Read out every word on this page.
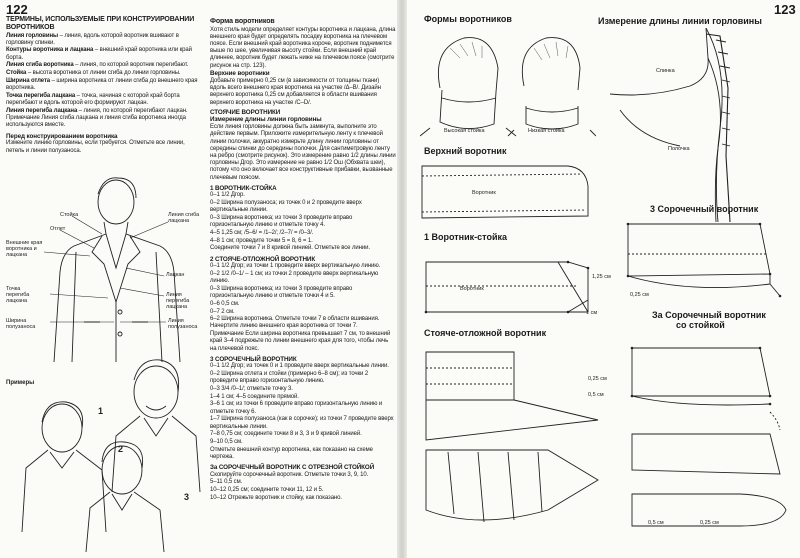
122

ТЕРМИНЫ, ИСПОЛЬЗУЕМЫЕ ПРИ КОНСТРУИРОВАНИИ ВОРОТНИКОВ

Линия горловины – линия, вдоль которой воротник вшивают в горловину спинки.

Контуры воротника и лацкана – внешний край воротника или край борта.

Линия сгиба воротника – линия, по которой воротник перегибают.

Стойка – высота воротника от линии сгиба до линии горловины.

Ширина отлета – ширина воротника от линии сгиба до внешнего края воротника.

Точка перегиба лацкана – точка, начиная с которой край борта перегибают и вдоль которой его формируют лацкан.

Линия перегиба лацкана – линия, по которой перегибают лацкан.

Примечание Линия сгиба лацкана и линия сгиба воротника иногда используются вместе.

Перед конструированием воротника

Измените линию горловины, если требуется. Отметьте все линии, петель и линии полузаноса.

Стойка	Линия сгиба лацкана
Отлет
Внешние края воротника и лацкана
Лацкан
Точка перегиба лацкана
Линия перегиба лацкана
Ширина полузаноса
Линия полузаноса
Примеры
1
2
3

Форма воротников

Хотя стиль модели определяет контуры воротника и лацкана, длина внешнего края будет определять посадку воротника на плечевом поясе. Если внешний край воротника короче, воротник поднимется выше по шее, увеличивая высоту стойки. Если внешний край длиннее, воротник будет лежать ниже на плечевом поясе (смотрите рисунок на стр. 123).

Верхние воротники

Добавьте примерно 0,25 см (в зависимости от толщины ткани) вдоль всего внешнего края воротника на участке /Δ–В/. Дизайн верхнего воротника 0,25 см добавляется в области вшивания верхнего воротника на участке /С–D/.

СТОЯЧИЕ ВОРОТНИКИ

Измерение длины линии горловины

Если линия горловины должна быть замкнута, выполните это действие первым. Приложите измерительную ленту к плечевой линии полочки, аккуратно измерьте длину линии горловины от середины спинки до середины полочки. Для сантиметровую ленту на ребро (смотрите рисунок). Это измерение равно 1/2 длины линии горловины Дгор. Это измерение не равно 1/2 Ош (Обхвата шеи), потому что оно включает все конструктивные прибавки, вызванные плечевым поясом.

1 ВОРОТНИК-СТОЙКА

0–1 1/2 Дгор.

0–2 Ширина полузаноса; из точек 0 и 2 проведите вверх вертикальные линии.

0–3 Ширина воротника; из точки 3 проведите вправо горизонтальную линию и отметьте точку 4.

4–5 1,25 см; /5–6/ = /1–2/; /2–7/ = /0–3/.

4–8 1 см; проведите точки 5 = 8, 6 = 1.

Соедините точки 7 и 8 кривой линией. Отметьте все линии.

2 СТОЯЧЕ-ОТЛОЖНОЙ ВОРОТНИК

0–1 1/2 Дгор; из точки 1 проведите вверх вертикальную линию.

0–2 1/2 /0–1/ – 1 см; из точки 2 проведите вверх вертикальную линию.

0–3 Ширина воротника; из точки 3 проведите вправо горизонтальную линию и отметьте точки 4 и 5.

0–6 0,5 см.

0–7 2 см.

6–2 Ширина воротника. Отметьте точки 7 в области вшивания. Начертите линию внешнего края воротника от точки 7.

Примечание Если ширина воротника превышает 7 см, то внешний край 3–4 подрежьте по линии внешнего края для того, чтобы лечь на плечевой пояс.

3 СОРОЧЕЧНЫЙ ВОРОТНИК

0–1 1/2 Дгор; из точек 0 и 1 проведите вверх вертикальные линии.

0–2 Ширина отлета и стойки (примерно 6–8 см); из точки 2 проведите вправо горизонтальную линию.

0–3 3/4 /0–1/; отметьте точку 3.

1–4 1 см; 4–5 соедините прямой.

3–6 1 см; из точки 6 проведите вправо горизонтальную линию и отметьте точку 6.

1–7 Ширина полузаноса (как в сорочке); из точки 7 проведите вверх вертикальные линии.

7–8 0,75 см; соедините точки 8 и 3, 3 и 9 кривой линией.

9–10 0,5 см.

Отметьте внешний контур воротника, как показано на схеме чертежа.

За СОРОЧЕЧНЫЙ ВОРОТНИК С ОТРЕЗНОЙ СТОЙКОЙ

Скопируйте сорочечный воротник. Отметьте точки 3, 9, 10.

5–11 0,5 см.

10–12 0,25 см; соедините точки 11, 12 и 5.

10–12 Отрежьте воротник и стойку, как показано.

123
Формы воротников	Измерение длины линии горловины
Высокая стойка	Низкая стойка
Спинка
Полочка
Верхний воротник
Воротник
1 Воротник-стойка
Воротник
1,25 см
1 см
Стояче-отложной воротник
3 Сорочечный воротник
0,25 см
За Сорочечный воротник
со стойкой
0,25 см
0,5 см
0,5 см	0,25 см
